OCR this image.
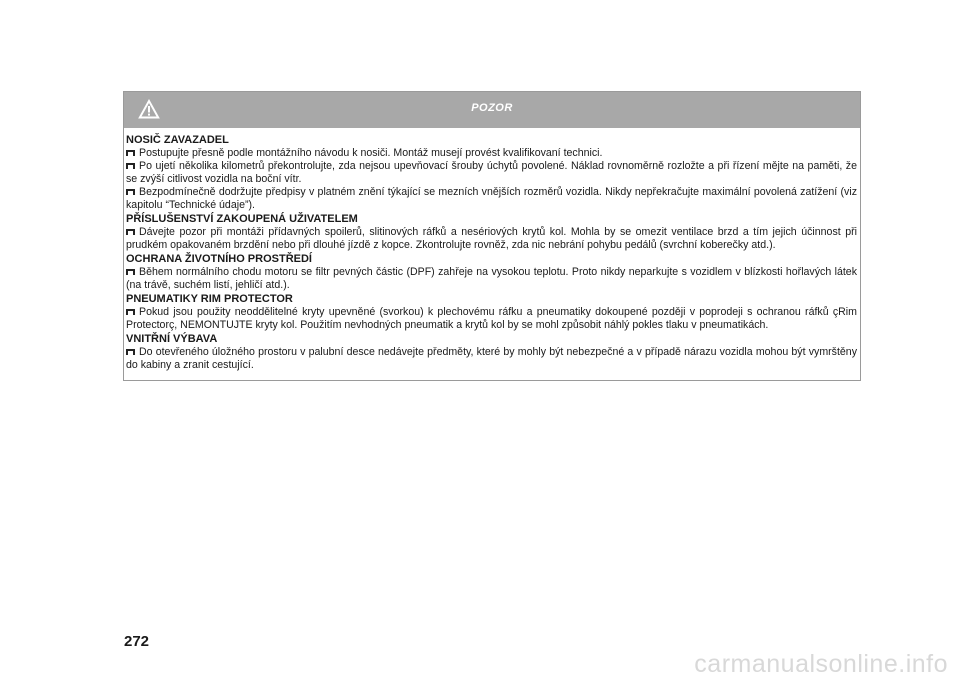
POZOR
NOSIČ ZAVAZADEL

Postupujte přesně podle montážního návodu k nosiči. Montáž musejí provést kvalifikovaní technici.

Po ujetí několika kilometrů překontrolujte, zda nejsou upevňovací šrouby úchytů povolené. Náklad rovnoměrně rozložte a při řízení mějte na paměti, že se zvýší citlivost vozidla na boční vítr.

Bezpodmínečně dodržujte předpisy v platném znění týkající se mezních vnějších rozměrů vozidla. Nikdy nepřekračujte maximální povolená zatížení (viz kapitolu “Technické údaje”).

PŘÍSLUŠENSTVÍ ZAKOUPENÁ UŽIVATELEM

Dávejte pozor při montáži přídavných spoilerů, slitinových ráfků a nesériových krytů kol. Mohla by se omezit ventilace brzd a tím jejich účinnost při prudkém opakovaném brzdění nebo při dlouhé jízdě z kopce. Zkontrolujte rovněž, zda nic nebrání pohybu pedálů (svrchní koberečky atd.).

OCHRANA ŽIVOTNÍHO PROSTŘEDÍ

Během normálního chodu motoru se filtr pevných částic (DPF) zahřeje na vysokou teplotu. Proto nikdy neparkujte s vozidlem v blízkosti hořlavých látek (na trávě, suchém listí, jehličí atd.).

PNEUMATIKY RIM PROTECTOR

Pokud jsou použity neoddělitelné kryty upevněné (svorkou) k plechovému ráfku a pneumatiky dokoupené později v poprodeji s ochranou ráfků çRim Protectorç, NEMONTUJTE kryty kol. Použitím nevhodných pneumatik a krytů kol by se mohl způsobit náhlý pokles tlaku v pneumatikách.

VNITŘNÍ VÝBAVA

Do otevřeného úložného prostoru v palubní desce nedávejte předměty, které by mohly být nebezpečné a v případě nárazu vozidla mohou být vymrštěny do kabiny a zranit cestující.

272
carmanualsonline.info
